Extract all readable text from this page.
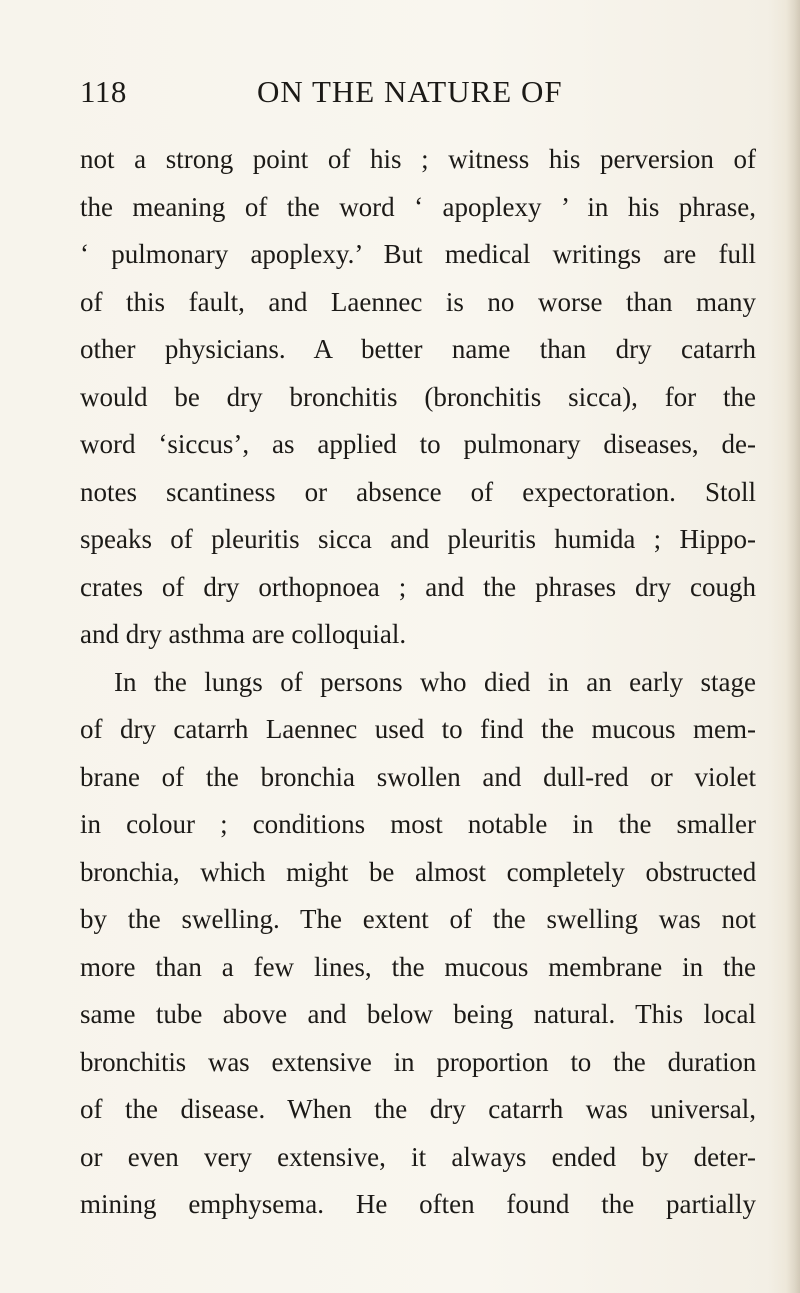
118	ON THE NATURE OF
not a strong point of his ; witness his perversion of
the meaning of the word ‘ apoplexy ’ in his phrase,
‘ pulmonary apoplexy.’ But medical writings are full
of this fault, and Laennec is no worse than many
other physicians. A better name than dry catarrh
would be dry bronchitis (bronchitis sicca), for the
word ‘siccus’, as applied to pulmonary diseases, de-
notes scantiness or absence of expectoration. Stoll
speaks of pleuritis sicca and pleuritis humida ; Hippo-
crates of dry orthopnoea ; and the phrases dry cough
and dry asthma are colloquial.
In the lungs of persons who died in an early stage
of dry catarrh Laennec used to find the mucous mem-
brane of the bronchia swollen and dull-red or violet
in colour ; conditions most notable in the smaller
bronchia, which might be almost completely obstructed
by the swelling. The extent of the swelling was not
more than a few lines, the mucous membrane in the
same tube above and below being natural. This local
bronchitis was extensive in proportion to the duration
of the disease. When the dry catarrh was universal,
or even very extensive, it always ended by deter-
mining emphysema. He often found the partially
